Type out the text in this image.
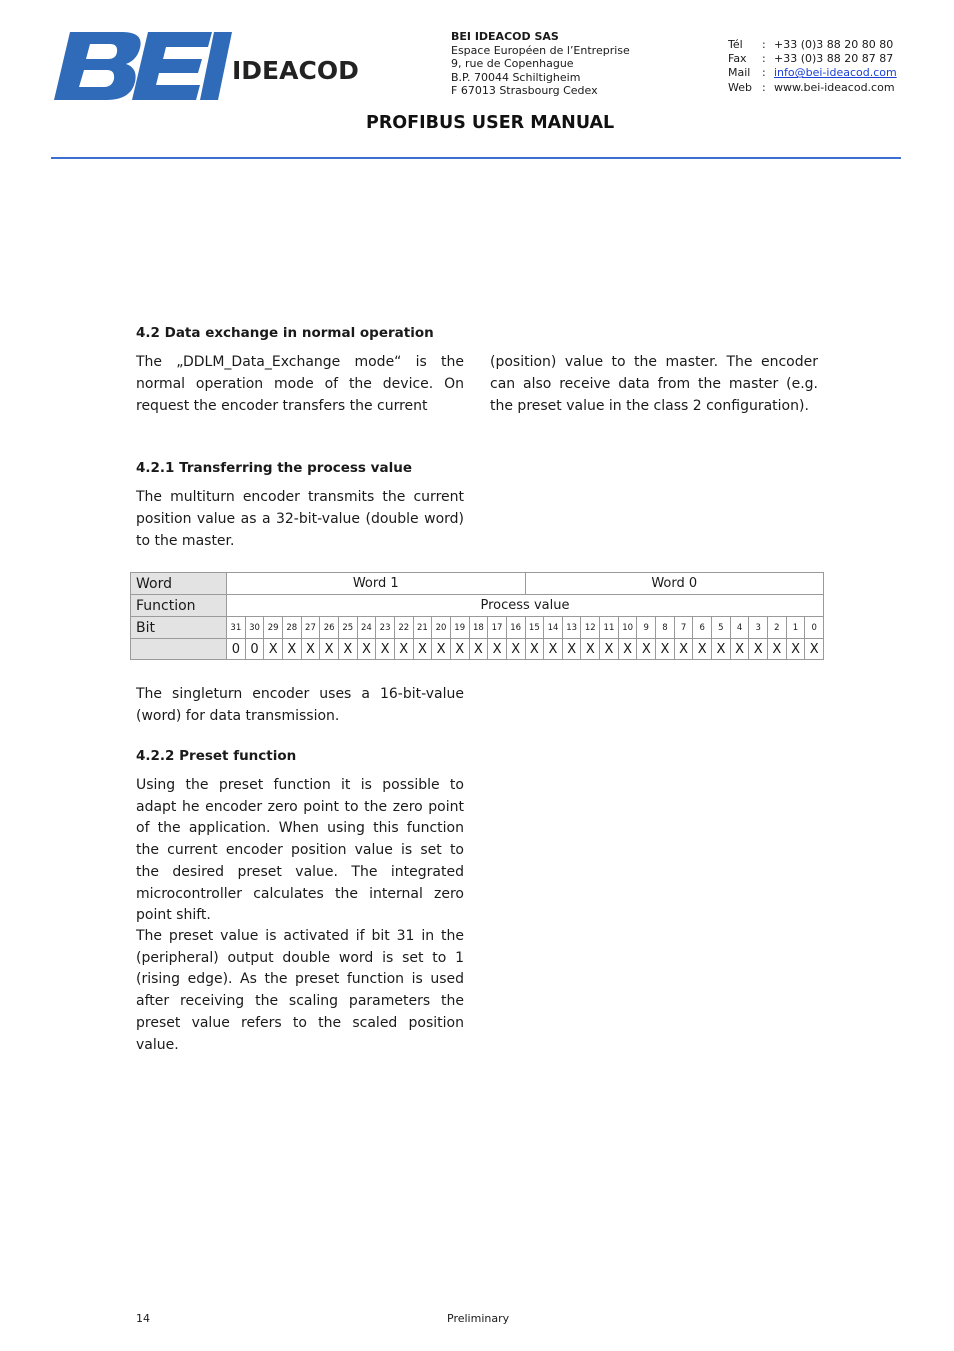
IDEACOD
BEI IDEACOD SAS
Espace Européen de l’Entreprise
9, rue de Copenhague
B.P. 70044 Schiltigheim
F 67013 Strasbourg Cedex
Tél	: +33 (0)3 88 20 80 80
Fax	: +33 (0)3 88 20 87 87
Mail	: info@bei-ideacod.com
Web : www.bei-ideacod.com
PROFIBUS USER MANUAL
4.2 Data exchange in normal operation
The „DDLM_Data_Exchange mode“ is the normal operation mode of the device. On request the encoder transfers the current
(position) value to the master. The encoder can also receive data from the master (e.g. the preset value in the class 2 configuration).
4.2.1 Transferring the process value
The multiturn encoder transmits the current position value as a 32-bit-value (double word) to the master.
Word	Word 1																Word 0															
Function	Process value																															
Bit	31	30	29	28	27	26	25	24	23	22	21	20	19	18	17	16	15	14	13	12	11	10	9	8	7	6	5	4	3	2	1	0
	0	0	X	X	X	X	X	X	X	X	X	X	X	X	X	X	X	X	X	X	X	X	X	X	X	X	X	X	X	X	X	X
The singleturn encoder uses a 16-bit-value (word) for data transmission.
4.2.2 Preset function
Using the preset function it is possible to adapt he encoder zero point to the zero point of the application. When using this function the current encoder position value is set to the desired preset value. The integrated microcontroller calculates the internal zero point shift.
The preset value is activated if bit 31 in the (peripheral) output double word is set to 1 (rising edge). As the preset function is used after receiving the scaling parameters the preset value refers to the scaled position value.
14	Preliminary
